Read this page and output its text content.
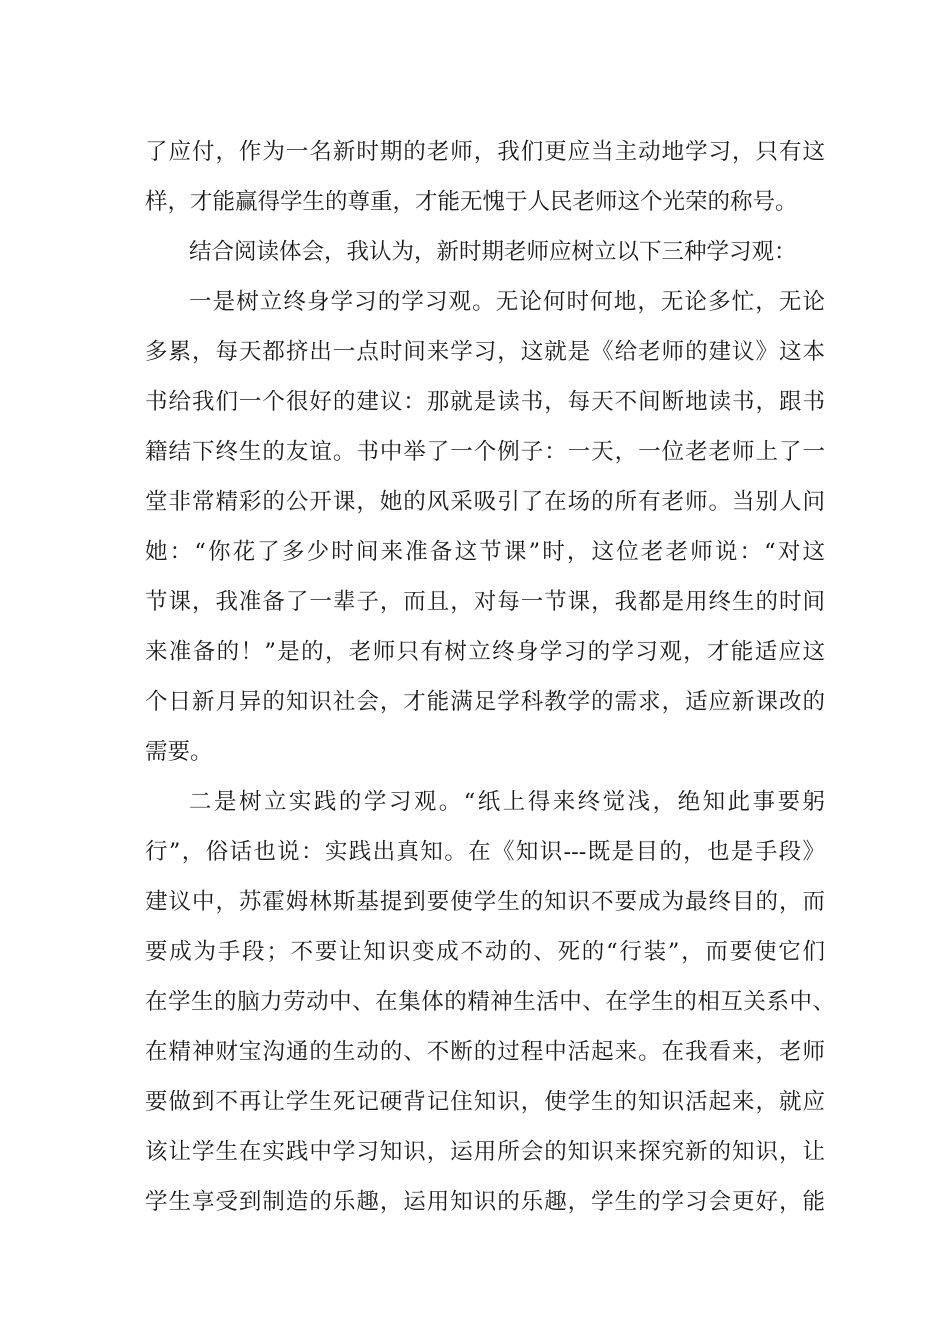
了应付，作为一名新时期的老师，我们更应当主动地学习，只有这
样，才能赢得学生的尊重，才能无愧于人民老师这个光荣的称号。
结合阅读体会，我认为，新时期老师应树立以下三种学习观：
一是树立终身学习的学习观。无论何时何地，无论多忙，无论
多累，每天都挤出一点时间来学习，这就是《给老师的建议》这本
书给我们一个很好的建议：那就是读书，每天不间断地读书，跟书
籍结下终生的友谊。书中举了一个例子：一天，一位老老师上了一
堂非常精彩的公开课，她的风采吸引了在场的所有老师。当别人问
她：“你花了多少时间来准备这节课”时，这位老老师说：“对这
节课，我准备了一辈子，而且，对每一节课，我都是用终生的时间
来准备的！”是的，老师只有树立终身学习的学习观，才能适应这
个日新月异的知识社会，才能满足学科教学的需求，适应新课改的
需要。
二是树立实践的学习观。“纸上得来终觉浅，绝知此事要躬
行”，俗话也说：实践出真知。在《知识---既是目的，也是手段》
建议中，苏霍姆林斯基提到要使学生的知识不要成为最终目的，而
要成为手段；不要让知识变成不动的、死的“行装”，而要使它们
在学生的脑力劳动中、在集体的精神生活中、在学生的相互关系中、
在精神财宝沟通的生动的、不断的过程中活起来。在我看来，老师
要做到不再让学生死记硬背记住知识，使学生的知识活起来，就应
该让学生在实践中学习知识，运用所会的知识来探究新的知识，让
学生享受到制造的乐趣，运用知识的乐趣，学生的学习会更好，能
